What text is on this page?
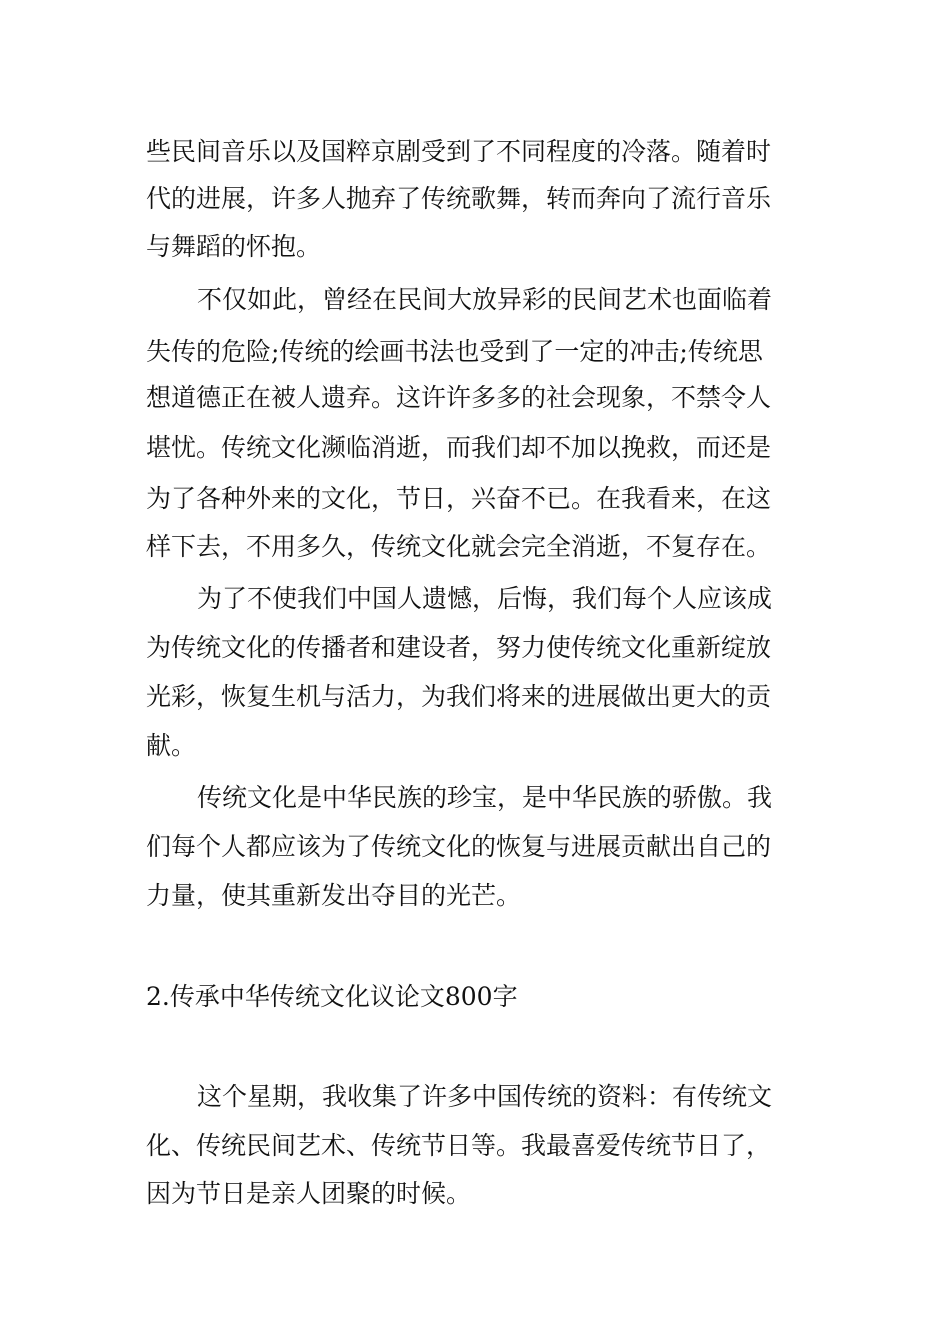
些民间音乐以及国粹京剧受到了不同程度的冷落。随着时
代的进展，许多人抛弃了传统歌舞，转而奔向了流行音乐
与舞蹈的怀抱。
不仅如此，曾经在民间大放异彩的民间艺术也面临着
失传的危险;传统的绘画书法也受到了一定的冲击;传统思
想道德正在被人遗弃。这许许多多的社会现象，不禁令人
堪忧。传统文化濒临消逝，而我们却不加以挽救，而还是
为了各种外来的文化，节日，兴奋不已。在我看来，在这
样下去，不用多久，传统文化就会完全消逝，不复存在。
为了不使我们中国人遗憾，后悔，我们每个人应该成
为传统文化的传播者和建设者，努力使传统文化重新绽放
光彩，恢复生机与活力，为我们将来的进展做出更大的贡
献。
传统文化是中华民族的珍宝，是中华民族的骄傲。我
们每个人都应该为了传统文化的恢复与进展贡献出自己的
力量，使其重新发出夺目的光芒。
2.传承中华传统文化议论文800字
这个星期，我收集了许多中国传统的资料：有传统文
化、传统民间艺术、传统节日等。我最喜爱传统节日了，
因为节日是亲人团聚的时候。
